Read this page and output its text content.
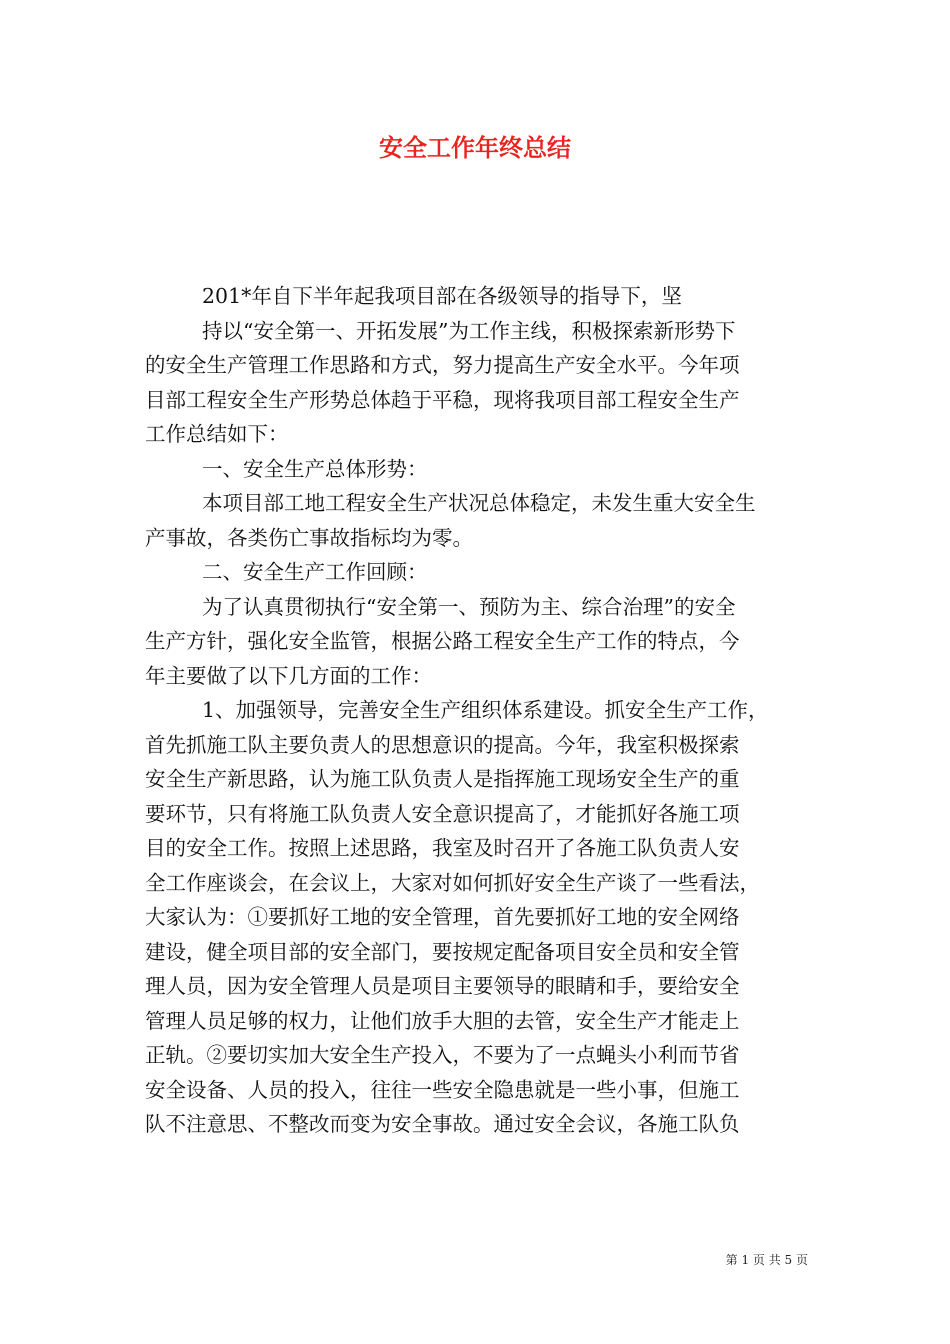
安全工作年终总结
201*年自下半年起我项目部在各级领导的指导下，坚
持以“安全第一、开拓发展”为工作主线，积极探索新形势下
的安全生产管理工作思路和方式，努力提高生产安全水平。今年项
目部工程安全生产形势总体趋于平稳，现将我项目部工程安全生产
工作总结如下：
一、安全生产总体形势：
本项目部工地工程安全生产状况总体稳定，未发生重大安全生
产事故，各类伤亡事故指标均为零。
二、安全生产工作回顾：
为了认真贯彻执行“安全第一、预防为主、综合治理”的安全
生产方针，强化安全监管，根据公路工程安全生产工作的特点，今
年主要做了以下几方面的工作：
1、加强领导，完善安全生产组织体系建设。抓安全生产工作，
首先抓施工队主要负责人的思想意识的提高。今年，我室积极探索
安全生产新思路，认为施工队负责人是指挥施工现场安全生产的重
要环节，只有将施工队负责人安全意识提高了，才能抓好各施工项
目的安全工作。按照上述思路，我室及时召开了各施工队负责人安
全工作座谈会，在会议上，大家对如何抓好安全生产谈了一些看法，
大家认为：①要抓好工地的安全管理，首先要抓好工地的安全网络
建设，健全项目部的安全部门，要按规定配备项目安全员和安全管
理人员，因为安全管理人员是项目主要领导的眼睛和手，要给安全
管理人员足够的权力，让他们放手大胆的去管，安全生产才能走上
正轨。②要切实加大安全生产投入，不要为了一点蝇头小利而节省
安全设备、人员的投入，往往一些安全隐患就是一些小事，但施工
队不注意思、不整改而变为安全事故。通过安全会议，各施工队负
第 1 页 共 5 页
